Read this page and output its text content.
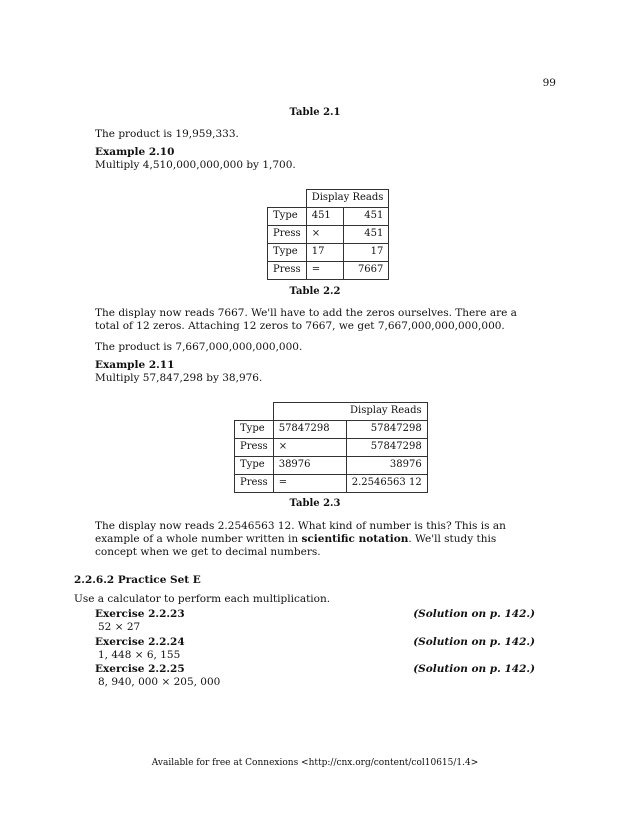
99
Table 2.1
The product is 19,959,333.
Example 2.10
Multiply 4,510,000,000,000 by 1,700.
	Display Reads	
Type	451	451
Press	×	451
Type	17	17
Press	=	7667
Table 2.2
The display now reads 7667. We'll have to add the zeros ourselves. There are a total of 12 zeros. Attaching 12 zeros to 7667, we get 7,667,000,000,000,000.
The product is 7,667,000,000,000,000.
Example 2.11
Multiply 57,847,298 by 38,976.
	Display Reads	
Type	57847298	57847298
Press	×	57847298
Type	38976	38976
Press	=	2.2546563 12
Table 2.3
The display now reads 2.2546563 12. What kind of number is this? This is an example of a whole number written in scientific notation. We'll study this concept when we get to decimal numbers.
2.2.6.2 Practice Set E
Use a calculator to perform each multiplication.
Exercise 2.2.23	(Solution on p. 142.)
52 × 27
Exercise 2.2.24	(Solution on p. 142.)
1, 448 × 6, 155
Exercise 2.2.25	(Solution on p. 142.)
8, 940, 000 × 205, 000
Available for free at Connexions <http://cnx.org/content/col10615/1.4>
